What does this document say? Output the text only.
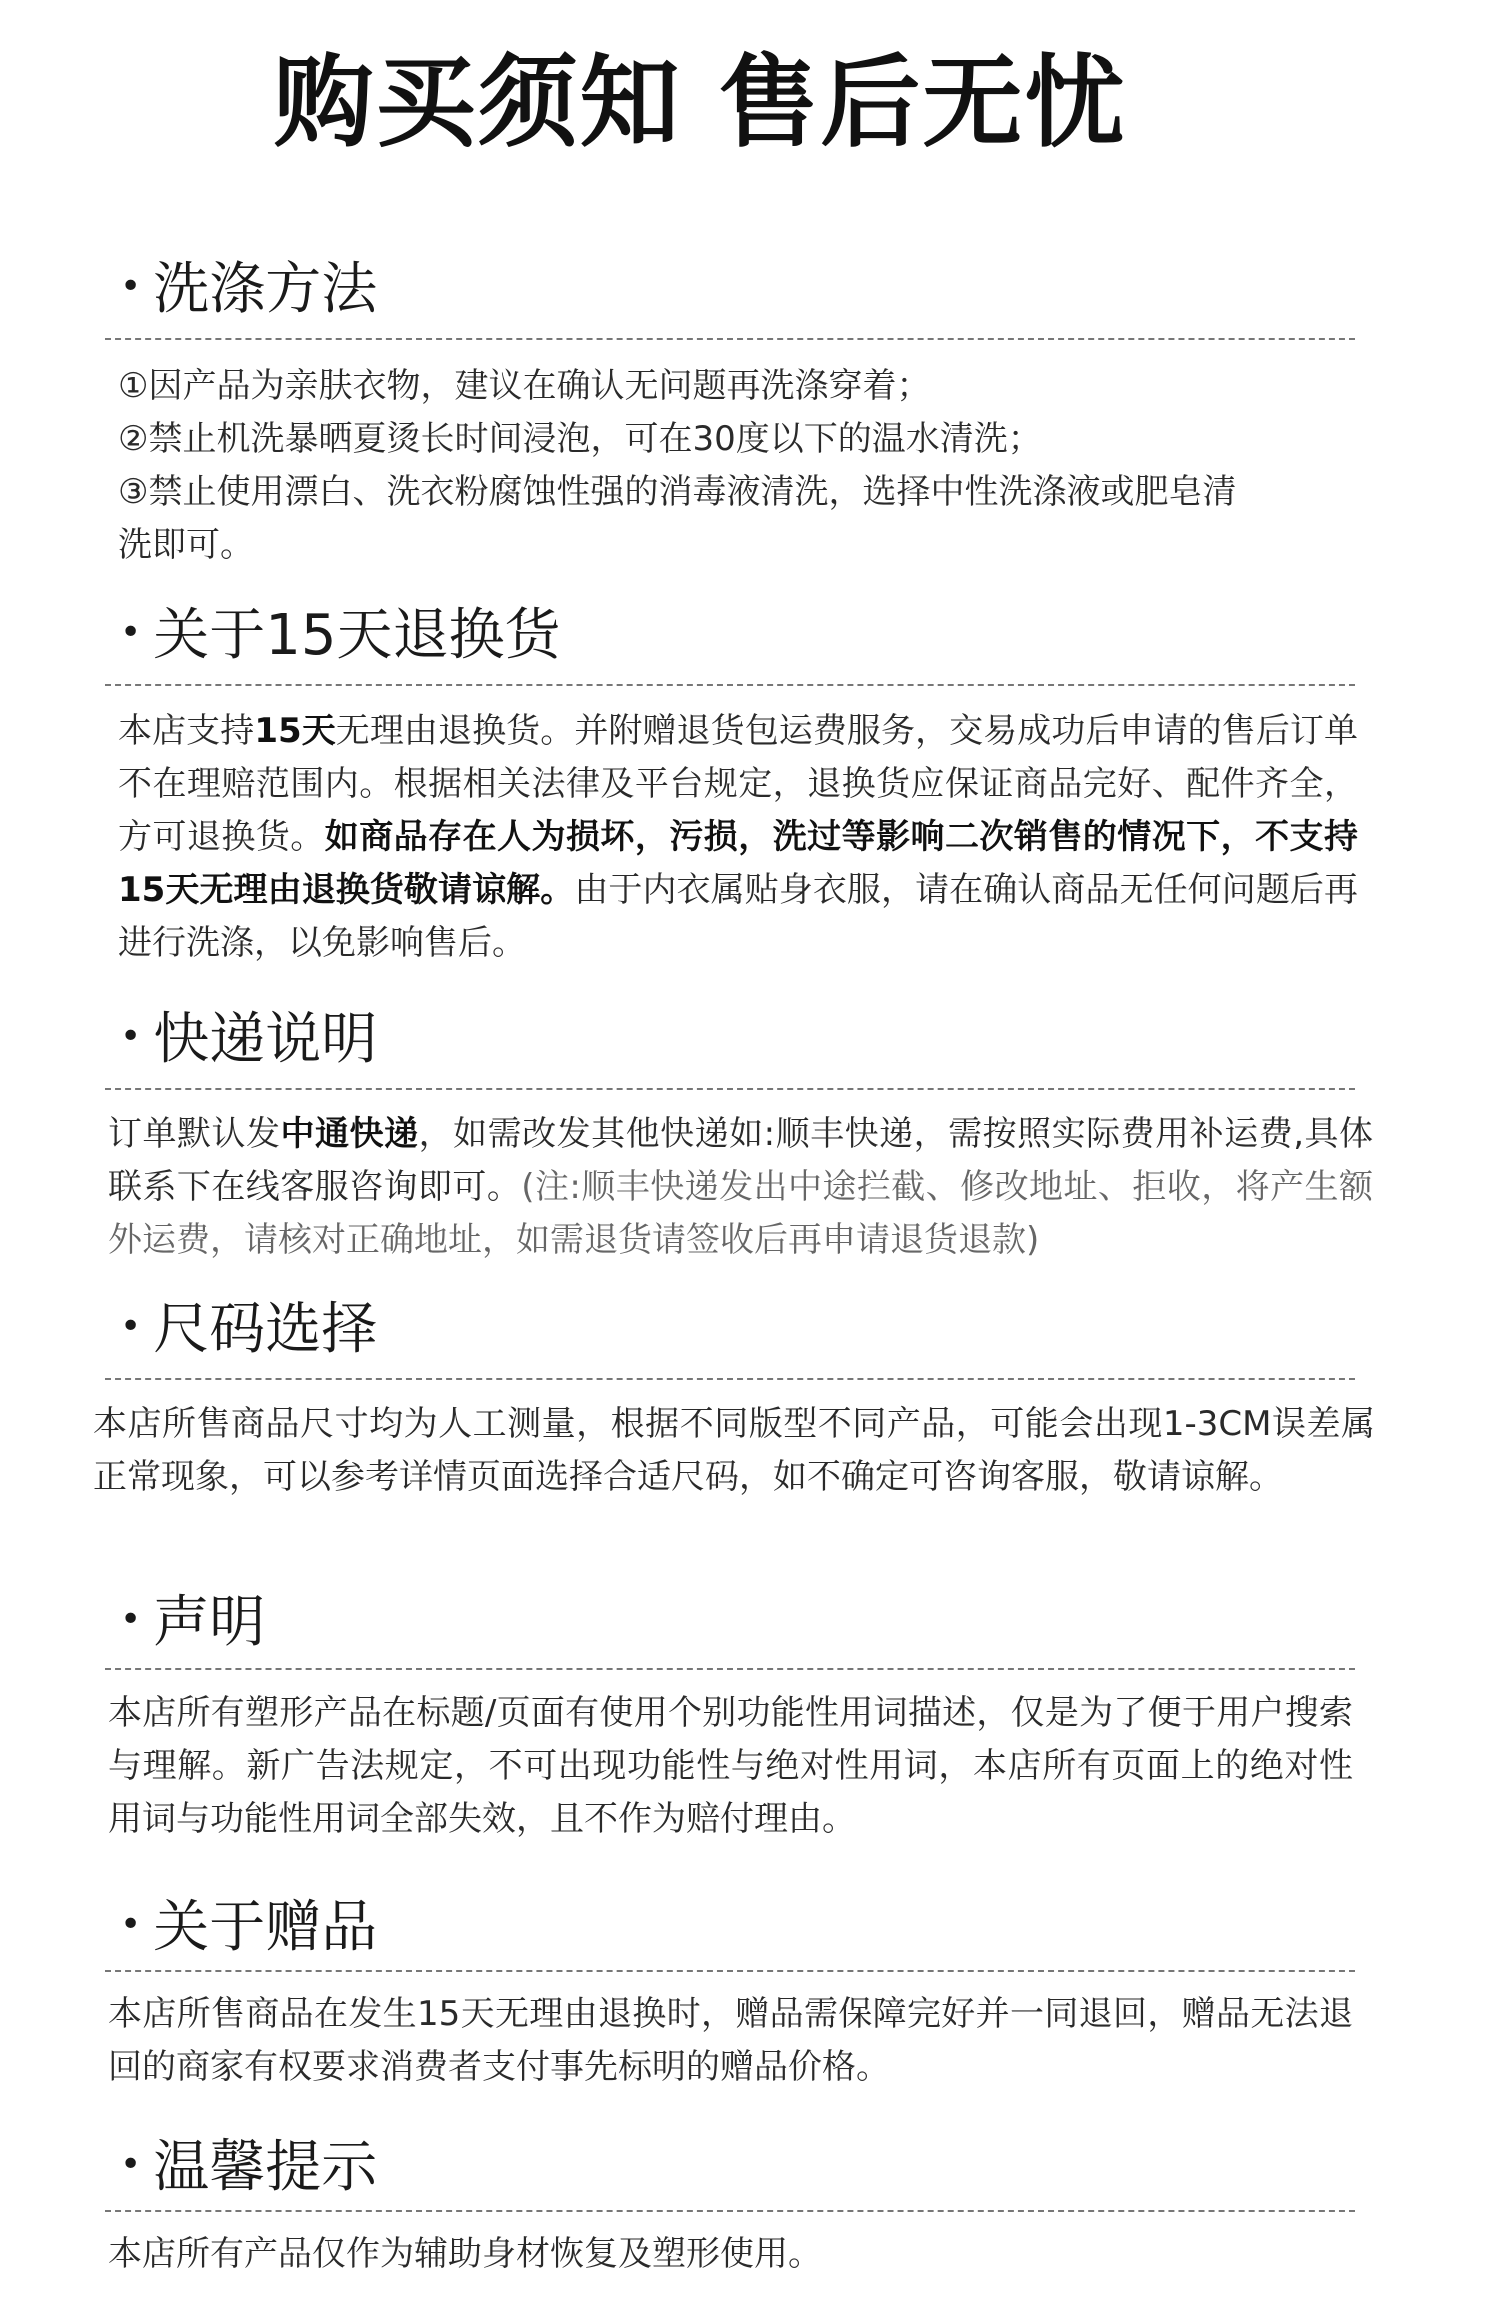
购买须知 售后无忧
• 洗涤方法
①因产品为亲肤衣物，建议在确认无问题再洗涤穿着；
②禁止机洗暴晒夏烫长时间浸泡，可在30度以下的温水清洗；
③禁止使用漂白、洗衣粉腐蚀性强的消毒液清洗，选择中性洗涤液或肥皂清
洗即可。
• 关于15天退换货
本店支持15天无理由退换货。并附赠退货包运费服务，交易成功后申请的售后订单不在理赔范围内。根据相关法律及平台规定，退换货应保证商品完好、配件齐全，方可退换货。如商品存在人为损坏，污损，洗过等影响二次销售的情况下，不支持15天无理由退换货敬请谅解。由于内衣属贴身衣服，请在确认商品无任何问题后再进行洗涤，以免影响售后。
• 快递说明
订单默认发中通快递，如需改发其他快递如:顺丰快递，需按照实际费用补运费,具体联系下在线客服咨询即可。(注:顺丰快递发出中途拦截、修改地址、拒收，将产生额外运费，请核对正确地址，如需退货请签收后再申请退货退款)
• 尺码选择
本店所售商品尺寸均为人工测量，根据不同版型不同产品，可能会出现1-3CM误差属正常现象，可以参考详情页面选择合适尺码，如不确定可咨询客服，敬请谅解。
• 声明
本店所有塑形产品在标题/页面有使用个别功能性用词描述，仅是为了便于用户搜索与理解。新广告法规定，不可出现功能性与绝对性用词，本店所有页面上的绝对性用词与功能性用词全部失效，且不作为赔付理由。
• 关于赠品
本店所售商品在发生15天无理由退换时，赠品需保障完好并一同退回，赠品无法退回的商家有权要求消费者支付事先标明的赠品价格。
• 温馨提示
本店所有产品仅作为辅助身材恢复及塑形使用。
